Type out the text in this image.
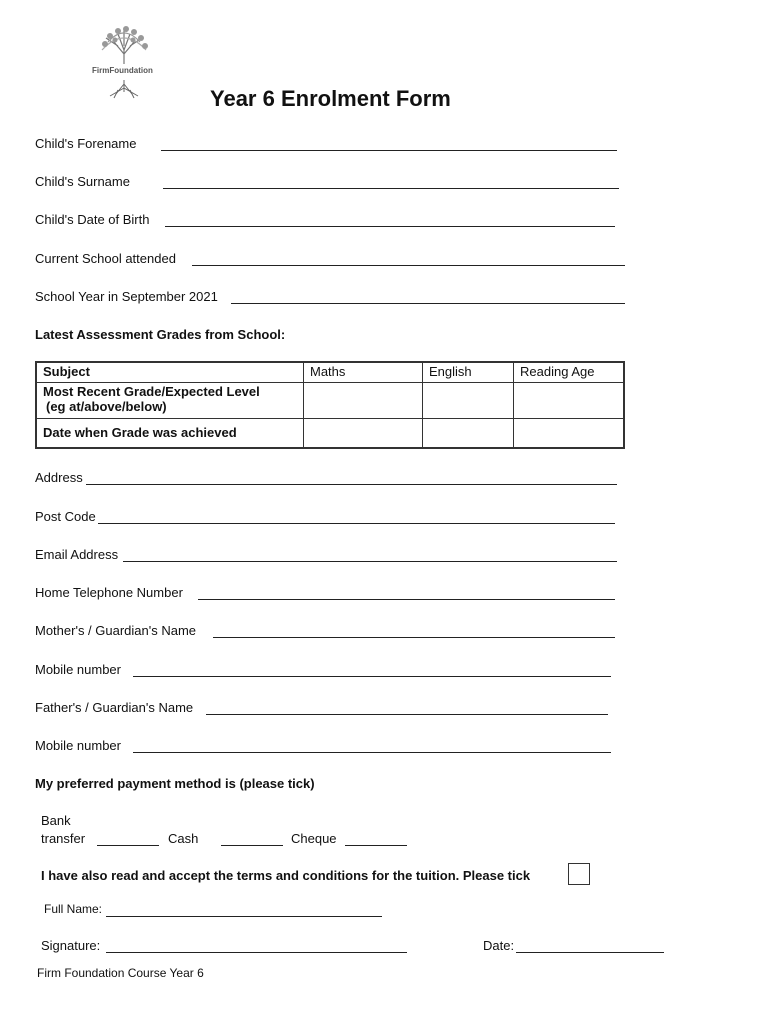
FirmFoundation
Year 6 Enrolment Form
Child's Forename
Child's Surname
Child's Date of Birth
Current School attended
School Year in September 2021
Latest Assessment Grades from School:
Subject	Maths	English	Reading Age

Most Recent Grade/Expected Level
(eg at/above/below)			

Date when Grade was achieved			
Address
Post Code
Email Address
Home Telephone Number
Mother's / Guardian's Name
Mobile number
Father's / Guardian's Name
Mobile number
My preferred payment method is (please tick)
Bank
transfer	Cash	Cheque
I have also read and accept the terms and conditions for the tuition. Please tick
Full Name:
Signature:	Date:
Firm Foundation Course Year 6
